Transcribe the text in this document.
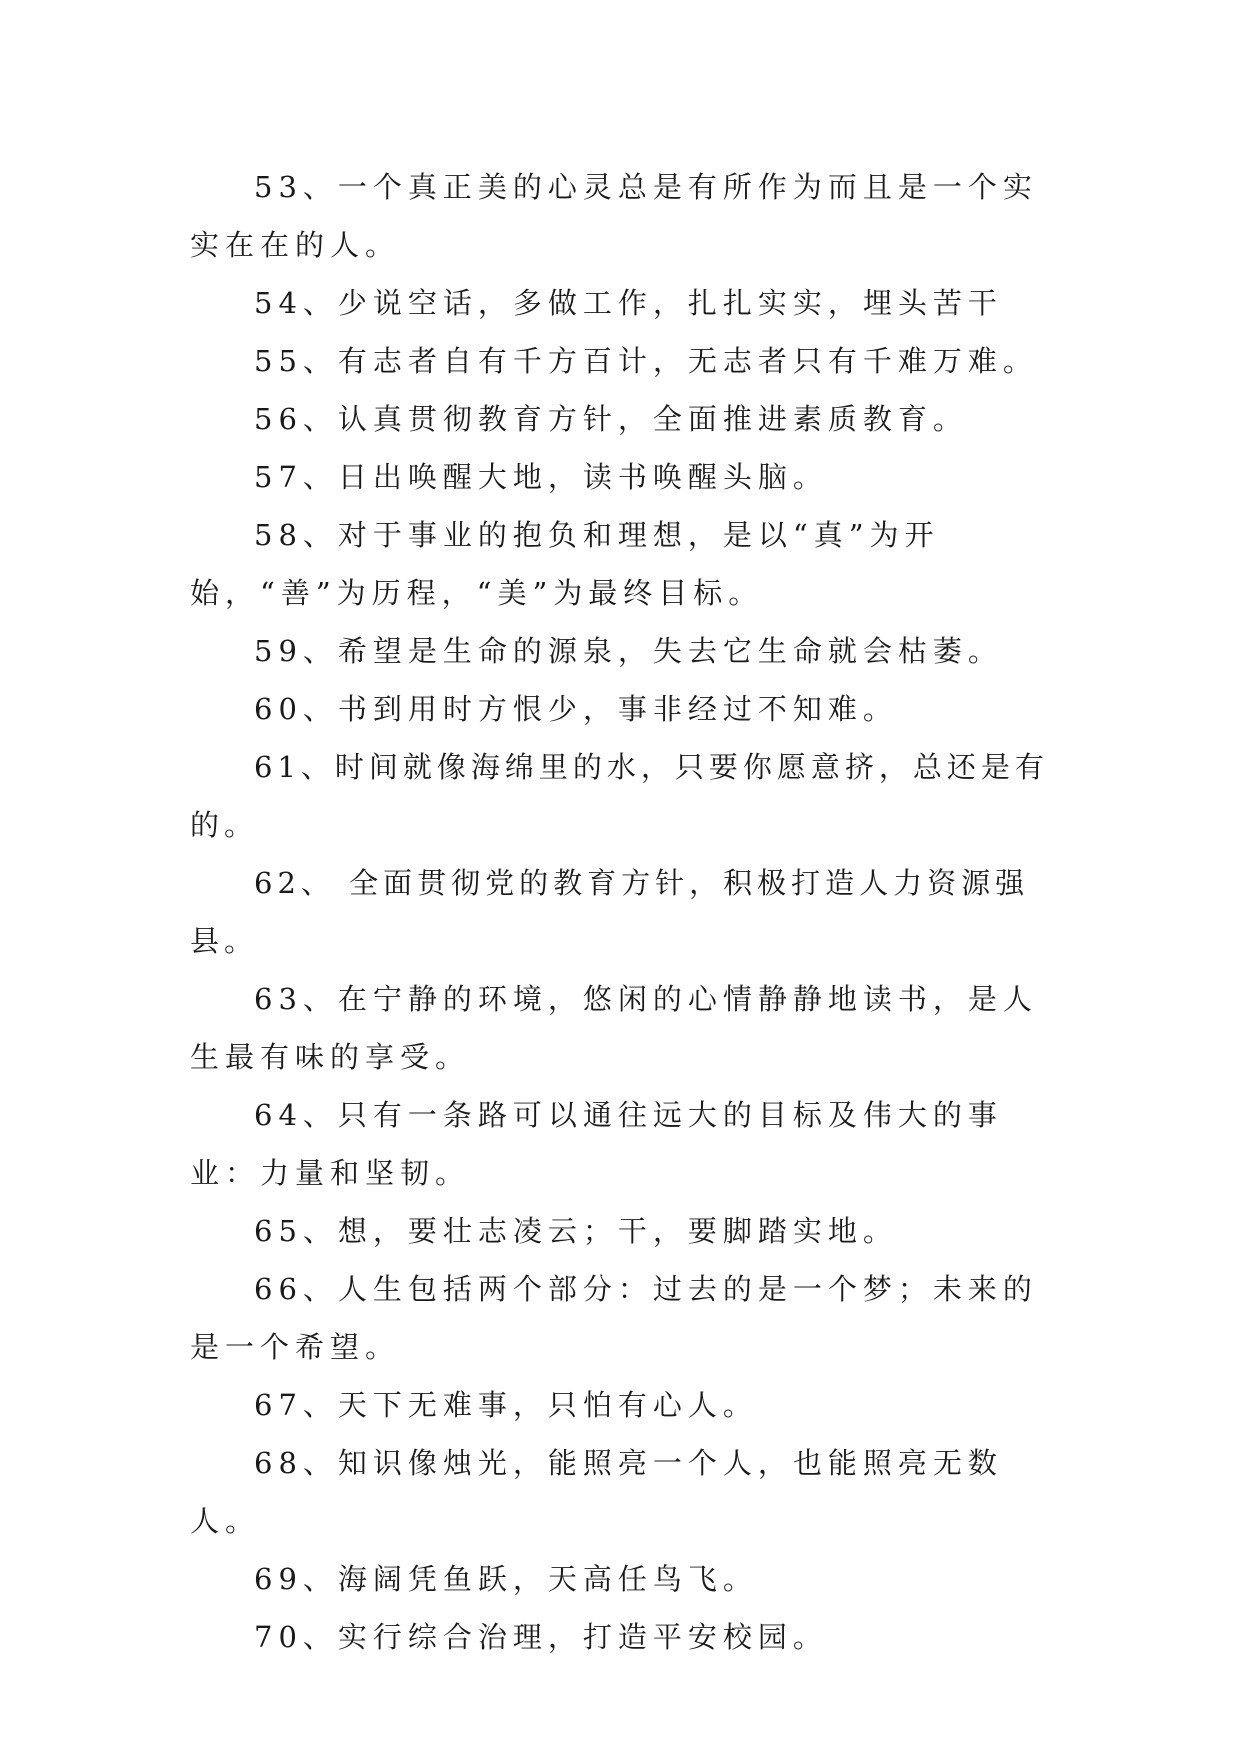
53、一个真正美的心灵总是有所作为而且是一个实实在在的人。

54、少说空话，多做工作，扎扎实实，埋头苦干

55、有志者自有千方百计，无志者只有千难万难。

56、认真贯彻教育方针，全面推进素质教育。

57、日出唤醒大地，读书唤醒头脑。

58、对于事业的抱负和理想，是以“真”为开始，“善”为历程，“美”为最终目标。

59、希望是生命的源泉，失去它生命就会枯萎。

60、书到用时方恨少，事非经过不知难。

61、时间就像海绵里的水，只要你愿意挤，总还是有的。

62、 全面贯彻党的教育方针，积极打造人力资源强县。

63、在宁静的环境，悠闲的心情静静地读书，是人生最有味的享受。

64、只有一条路可以通往远大的目标及伟大的事业：力量和坚韧。

65、想，要壮志凌云；干，要脚踏实地。

66、人生包括两个部分：过去的是一个梦；未来的是一个希望。

67、天下无难事，只怕有心人。

68、知识像烛光，能照亮一个人，也能照亮无数人。

69、海阔凭鱼跃，天高任鸟飞。

70、实行综合治理，打造平安校园。
